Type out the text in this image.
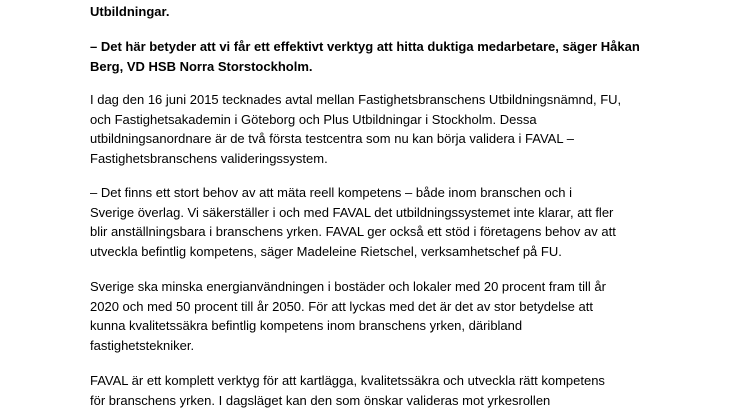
Utbildningar.

– Det här betyder att vi får ett effektivt verktyg att hitta duktiga medarbetare, säger Håkan
Berg, VD HSB Norra Storstockholm.

I dag den 16 juni 2015 tecknades avtal mellan Fastighetsbranschens Utbildningsnämnd, FU,
och Fastighetsakademin i Göteborg och Plus Utbildningar i Stockholm. Dessa
utbildningsanordnare är de två första testcentra som nu kan börja validera i FAVAL –
Fastighetsbranschens valideringssystem.

– Det finns ett stort behov av att mäta reell kompetens – både inom branschen och i
Sverige överlag. Vi säkerställer i och med FAVAL det utbildningssystemet inte klarar, att fler
blir anställningsbara i branschens yrken. FAVAL ger också ett stöd i företagens behov av att
utveckla befintlig kompetens, säger Madeleine Rietschel, verksamhetschef på FU.

Sverige ska minska energianvändningen i bostäder och lokaler med 20 procent fram till år
2020 och med 50 procent till år 2050. För att lyckas med det är det av stor betydelse att
kunna kvalitetssäkra befintlig kompetens inom branschens yrken, däribland
fastighetstekniker.

FAVAL är ett komplett verktyg för att kartlägga, kvalitetssäkra och utveckla rätt kompetens
för branschens yrken. I dagsläget kan den som önskar valideras mot yrkesrollen
